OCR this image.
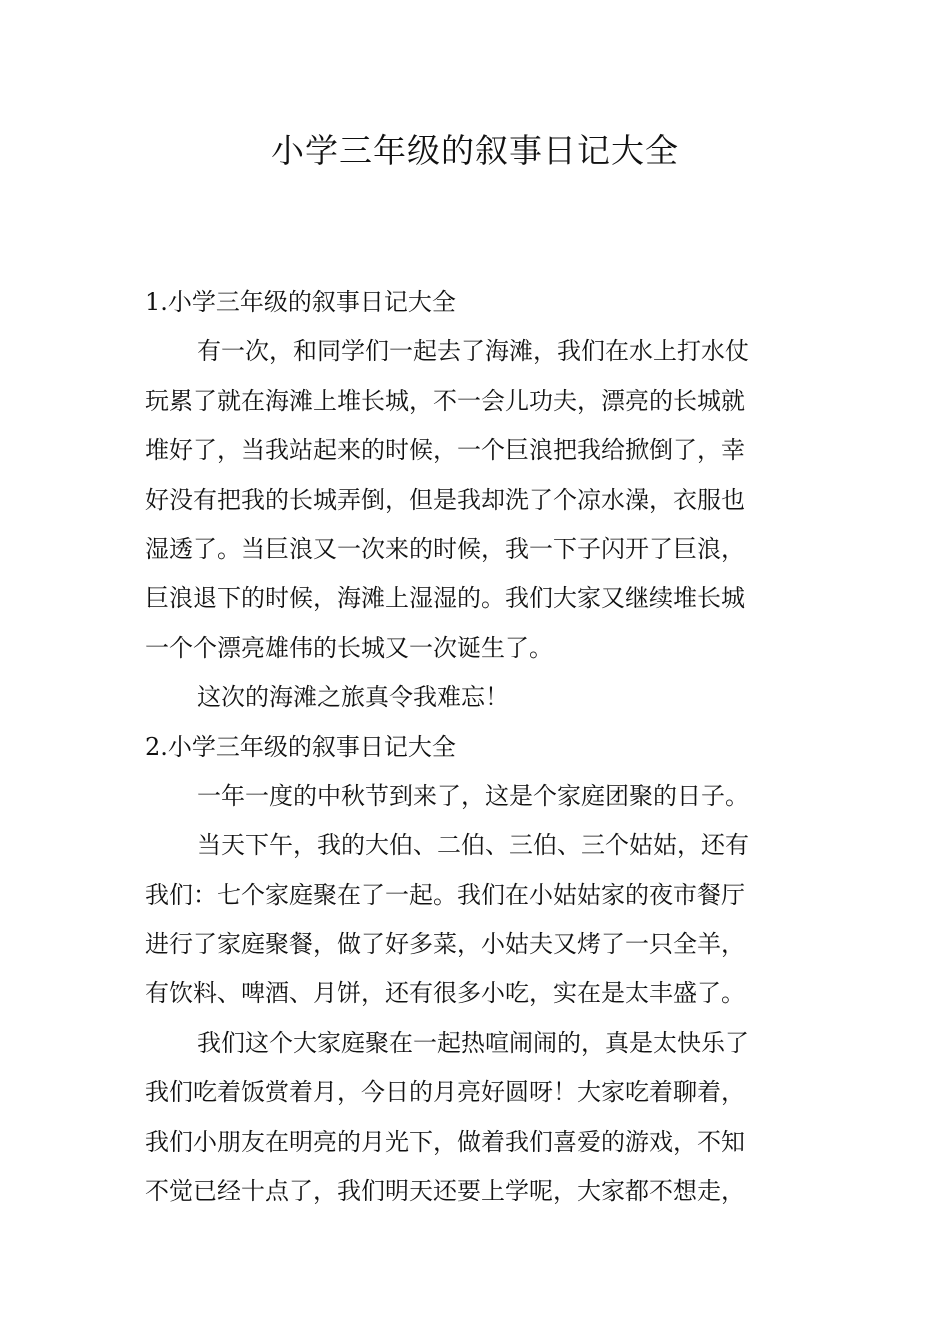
小学三年级的叙事日记大全
1.小学三年级的叙事日记大全
有一次，和同学们一起去了海滩，我们在水上打水仗
玩累了就在海滩上堆长城，不一会儿功夫，漂亮的长城就
堆好了，当我站起来的时候，一个巨浪把我给掀倒了，幸
好没有把我的长城弄倒，但是我却洗了个凉水澡，衣服也
湿透了。当巨浪又一次来的时候，我一下子闪开了巨浪，
巨浪退下的时候，海滩上湿湿的。我们大家又继续堆长城
一个个漂亮雄伟的长城又一次诞生了。
这次的海滩之旅真令我难忘！
2.小学三年级的叙事日记大全
一年一度的中秋节到来了，这是个家庭团聚的日子。
当天下午，我的大伯、二伯、三伯、三个姑姑，还有
我们：七个家庭聚在了一起。我们在小姑姑家的夜市餐厅
进行了家庭聚餐，做了好多菜，小姑夫又烤了一只全羊，
有饮料、啤酒、月饼，还有很多小吃，实在是太丰盛了。
我们这个大家庭聚在一起热喧闹闹的，真是太快乐了
我们吃着饭赏着月，今日的月亮好圆呀！大家吃着聊着，
我们小朋友在明亮的月光下，做着我们喜爱的游戏，不知
不觉已经十点了，我们明天还要上学呢，大家都不想走，
